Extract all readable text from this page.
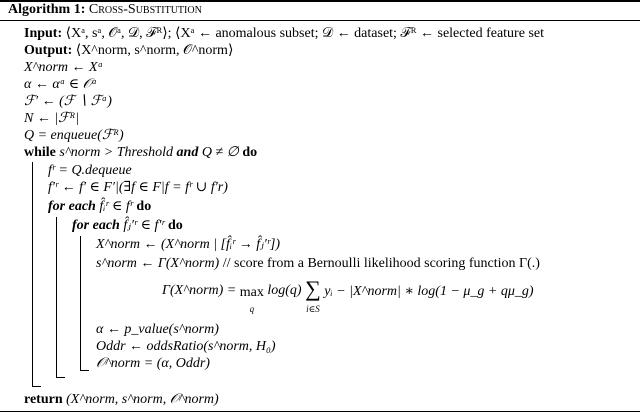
Algorithm 1: Cross-Substitution
Input: ⟨Xᵃ, sᵃ, 𝒪ᵃ, 𝒟, ℱᴿ⟩; ⟨Xᵃ ← anomalous subset; 𝒟 ← dataset; ℱᴿ ← selected feature set
Output: ⟨X^norm, s^norm, 𝒪^norm⟩
X^norm ← Xᵃ
α ← αᵃ ∈ 𝒪ᵃ
ℱ′ ← (ℱ ∖ ℱᵃ)
N ← |ℱᴿ|
Q = enqueue(ℱᴿ)
while s^norm > Threshold and Q ≠ ∅ do
fʳ = Q.dequeue
f′ʳ ← f′ ∈ F′|(∃f ∈ F|f = fʳ ∪ f′r)
for each f̂ᵢʳ ∈ fʳ do
for each f̂ⱼ′ʳ ∈ f′ʳ do
X^norm ← (X^norm | [f̂ᵢʳ → f̂ⱼ′ʳ])
s^norm ← Γ(X^norm) // score from a Bernoulli likelihood scoring function Γ(.)
Γ(X^norm) = max
q log(q) ∑
i∈S yᵢ − |X^norm| ∗ log(1 − μ_g + qμ_g)
α ← p_value(s^norm)
Oddr ← oddsRatio(s^norm, H₀)
𝒪^norm = (α, Oddr)
return (X^norm, s^norm, 𝒪^norm)
